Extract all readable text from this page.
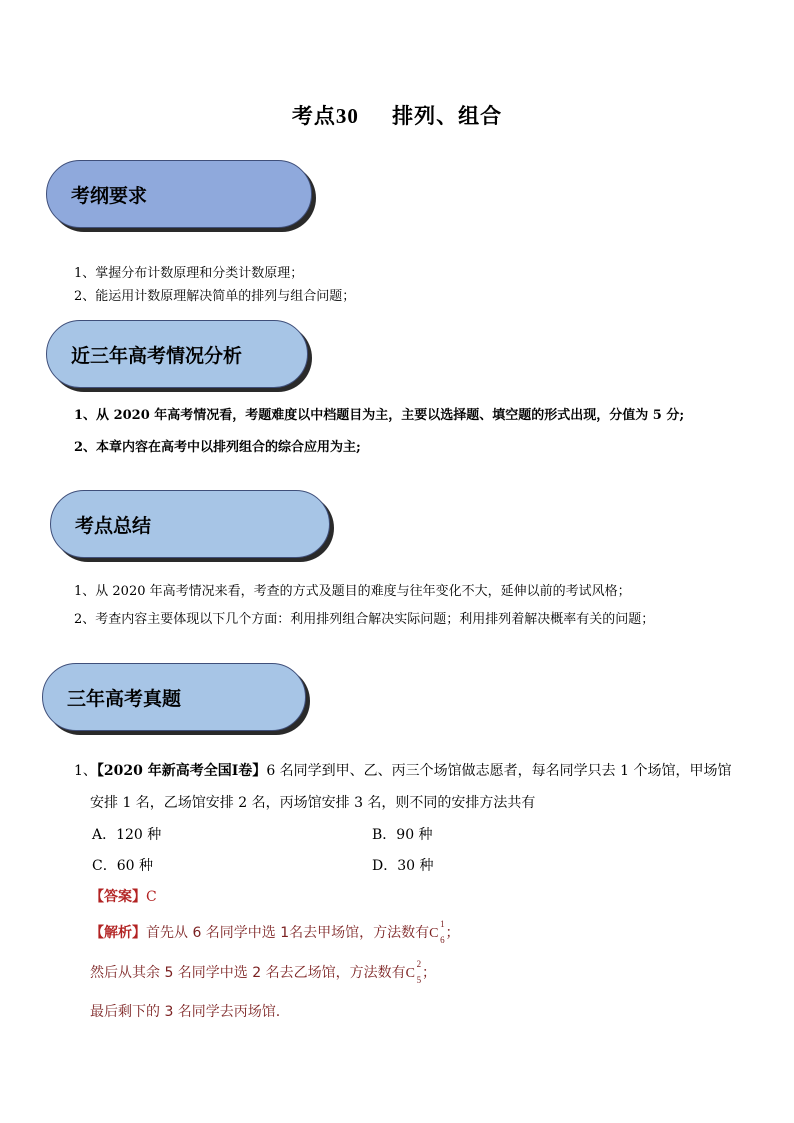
考点30 排列、组合
考纲要求
1、掌握分布计数原理和分类计数原理；
2、能运用计数原理解决简单的排列与组合问题；
近三年高考情况分析
1、从 2020 年高考情况看，考题难度以中档题目为主，主要以选择题、填空题的形式出现，分值为 5 分;
2、本章内容在高考中以排列组合的综合应用为主;
考点总结
1、从 2020 年高考情况来看，考查的方式及题目的难度与往年变化不大，延伸以前的考试风格；
2、考查内容主要体现以下几个方面：利用排列组合解决实际问题；利用排列着解决概率有关的问题；
三年高考真题
1、【2020 年新高考全国Ⅰ卷】6 名同学到甲、乙、丙三个场馆做志愿者，每名同学只去 1 个场馆，甲场馆
安排 1 名，乙场馆安排 2 名，丙场馆安排 3 名，则不同的安排方法共有
A．120 种	B．90 种
C．60 种	D．30 种
【答案】C
【解析】首先从 6 名同学中选 1名去甲场馆，方法数有C
1
6 ；
然后从其余 5 名同学中选 2 名去乙场馆，方法数有C
2
5 ；
最后剩下的 3 名同学去丙场馆.
